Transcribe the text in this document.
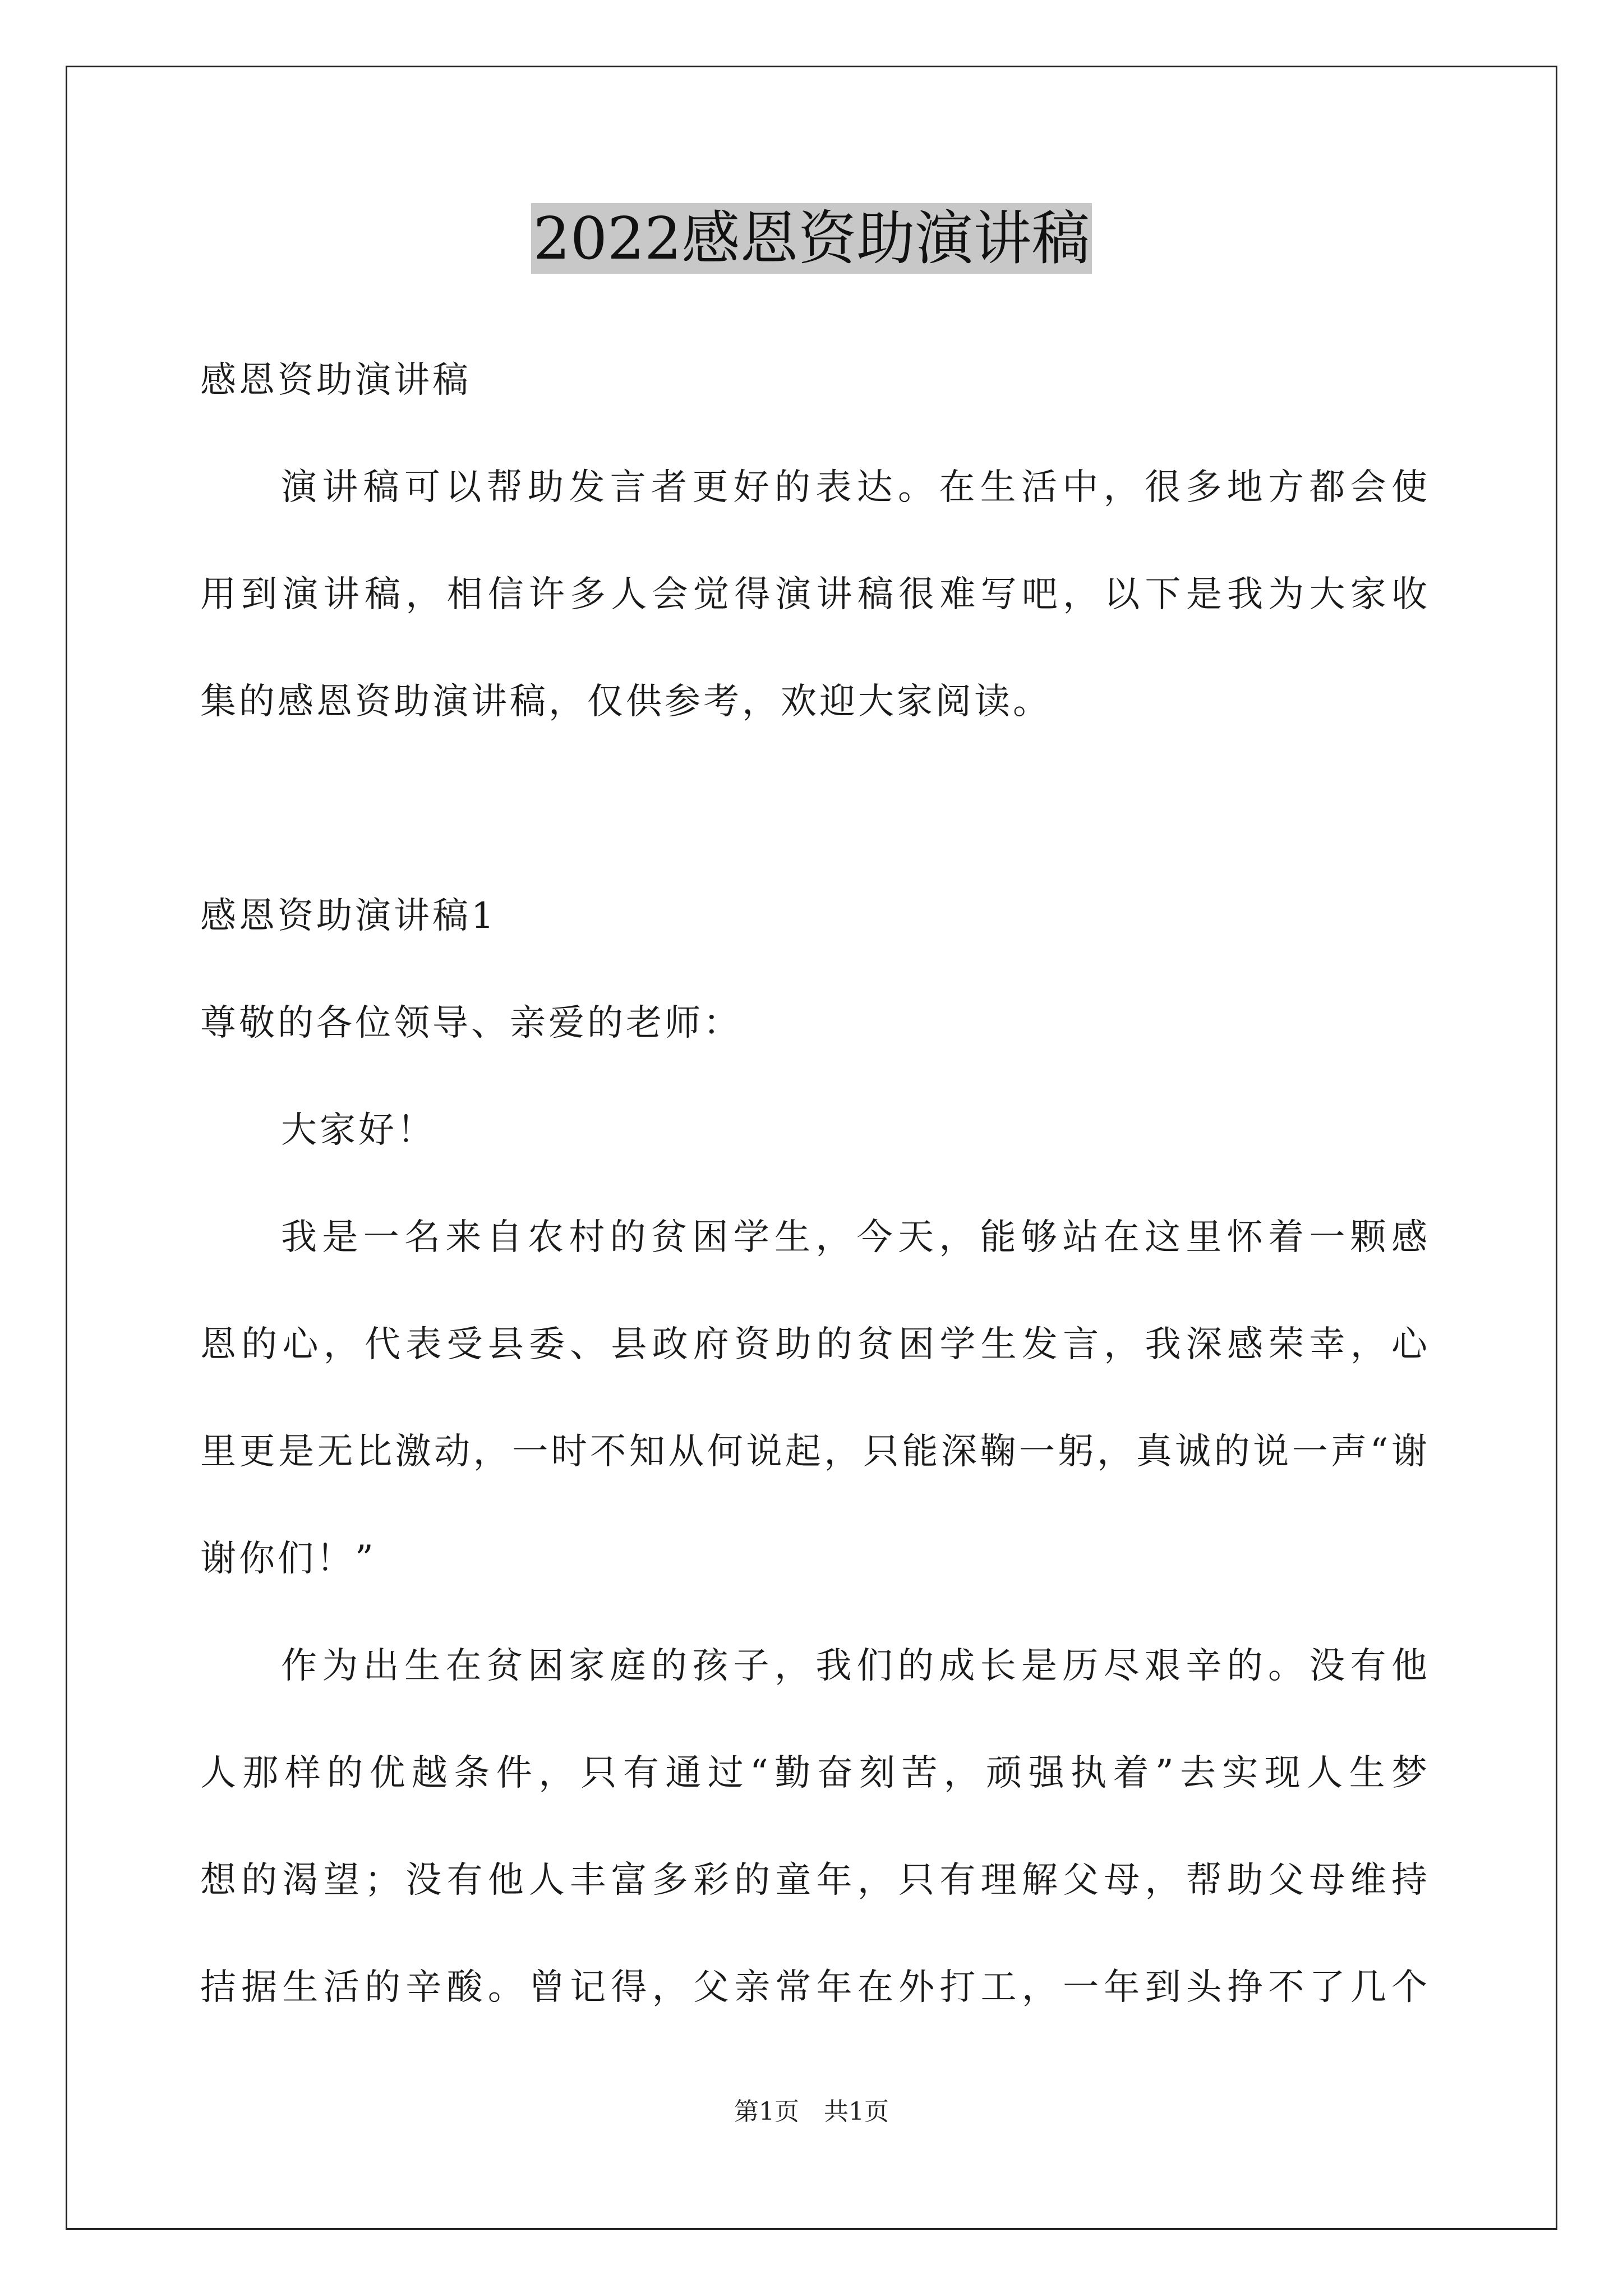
2022感恩资助演讲稿
感恩资助演讲稿
演讲稿可以帮助发言者更好的表达。在生活中，很多地方都会使
用到演讲稿，相信许多人会觉得演讲稿很难写吧，以下是我为大家收
集的感恩资助演讲稿，仅供参考，欢迎大家阅读。
感恩资助演讲稿1
尊敬的各位领导、亲爱的老师：
大家好！
我是一名来自农村的贫困学生，今天，能够站在这里怀着一颗感
恩的心，代表受县委、县政府资助的贫困学生发言，我深感荣幸，心
里更是无比激动，一时不知从何说起，只能深鞠一躬，真诚的说一声“谢
谢你们！”
作为出生在贫困家庭的孩子，我们的成长是历尽艰辛的。没有他
人那样的优越条件，只有通过“勤奋刻苦，顽强执着”去实现人生梦
想的渴望；没有他人丰富多彩的童年，只有理解父母，帮助父母维持
拮据生活的辛酸。曾记得，父亲常年在外打工，一年到头挣不了几个
第1页　共1页
